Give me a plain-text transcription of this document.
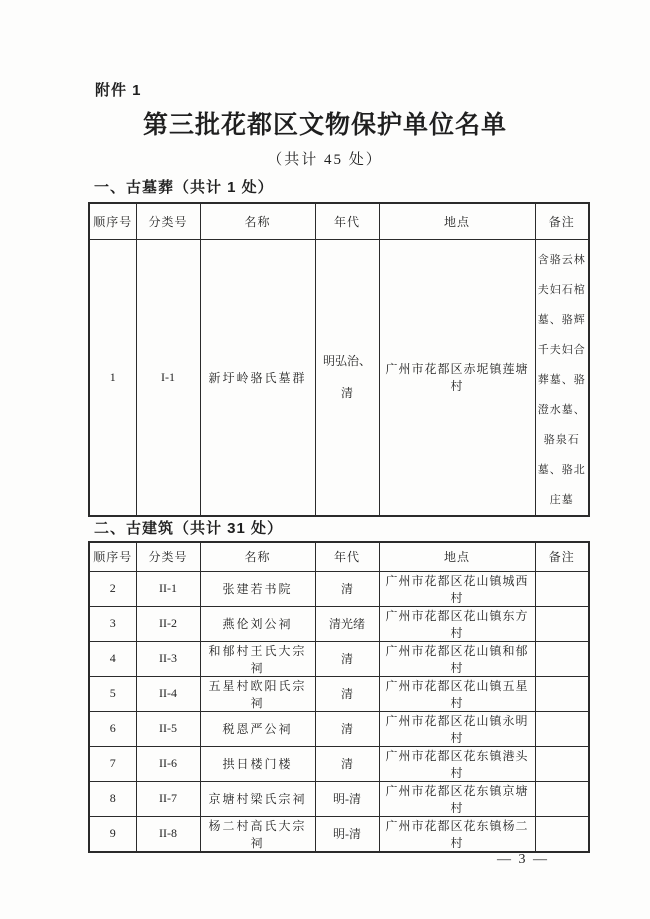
附件 1
第三批花都区文物保护单位名单
（共计 45 处）
一、古墓葬（共计 1 处）
顺序号	分类号	名称	年代	地点	备注
1	I-1	新圩岭骆氏墓群	明弘治、清	广州市花都区赤坭镇莲塘村	含骆云林夫妇石棺墓、骆辉千夫妇合葬墓、骆澄水墓、骆泉石墓、骆北庄墓
二、古建筑（共计 31 处）
顺序号	分类号	名称	年代	地点	备注
2	II-1	张建若书院	清	广州市花都区花山镇城西村	
3	II-2	燕伦刘公祠	清光绪	广州市花都区花山镇东方村	
4	II-3	和郁村王氏大宗祠	清	广州市花都区花山镇和郁村	
5	II-4	五星村欧阳氏宗祠	清	广州市花都区花山镇五星村	
6	II-5	税恩严公祠	清	广州市花都区花山镇永明村	
7	II-6	拱日楼门楼	清	广州市花都区花东镇港头村	
8	II-7	京塘村梁氏宗祠	明-清	广州市花都区花东镇京塘村	
9	II-8	杨二村高氏大宗祠	明-清	广州市花都区花东镇杨二村	
— 3 —
